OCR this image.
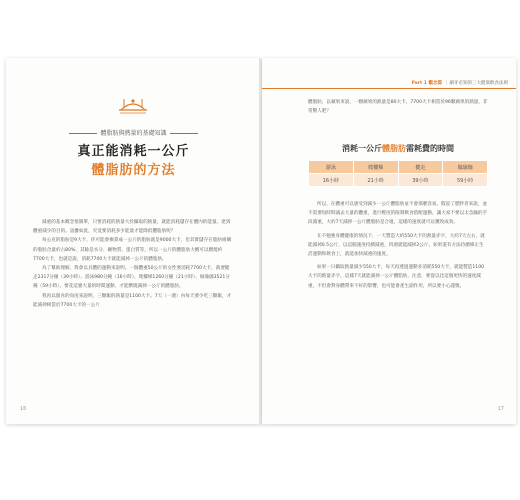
體脂肪與熱量的基礎知識
真正能消耗一公斤
體脂肪的方法

減重的基本概念很簡單，只要消耗的熱量大於攝取的熱量，就能消耗儲存在體內的能量。達到體重減少的目的。話雖如此，究竟要消耗多少能量才能降低體脂肪呢？

每公克的脂肪是9大卡，你可能會換算成一公斤的脂肪就是9000大卡，但其實儲存在脂肪組織的脂肪含量約占80%，其餘是水分、礦物質、蛋白質等，所以一公斤的體脂肪大概可以燃燒約7700大卡，也就是說，消耗7700大卡就能減掉一公斤的體脂肪。

為了幫助理解，我會以具體的運動來說明。一個體重50公斤的女性要消耗7700大卡，就要健走2317分鐘（39小時）、游泳980分鐘（16小時）、爬樓梯1260分鐘（21小時）、做瑜珈3521分鐘（59小時）。要花這麼大量的時間運動，才能燃燒減掉一公斤的體脂肪。

我再以甜食的角度來說明，三顆飯的熱量是1100大卡。7天（一週）內每天要少吃三顆飯，才能減掉相當於7700大卡的一公斤

16
Part 1 觀念篇 | 刷牙必知的三大健康飲食法則

體脂肪，以蘋果來說，一顆蘋果的熱量是80大卡，7700大卡相當於96顆蘋果的熱量，非常驚人吧？

消耗一公斤體脂肪需耗費的時間
游泳	爬樓梯	健走	做瑜珈
16小時	21小時	39小時	59小時

所以，在體重可以感受到減少一公斤體脂肪並不會那麼容易。假設了肥胖者來說，並不需要短時間減去大量的體重，進行輕度的限制飲食搭配運動，讓大家不要以太急躁的手段減重，大約7天減掉一公斤體脂肪是合適，這樣的速度就可以獲致成效。

在不勉強身體健康的情況下，一天製造大約550大卡的熱量赤字，大約7天左右，就能減掉0.5公斤，以這個速度持續減重，四週就能減掉2公斤。如果還有方法持續修正生活運動和飲食上，就能加快減重的速度。

如果一日攝取熱量減少550大卡，每天再透過運動多消耗550大卡，就能製造1100大卡的熱量赤字，這樣7天就能減掉一公斤體脂肪，注意，要從以比這個更快的速度減重，不但會對身體帶來不好的影響，也可能會產生副作用，所以要小心謹慎。

17
